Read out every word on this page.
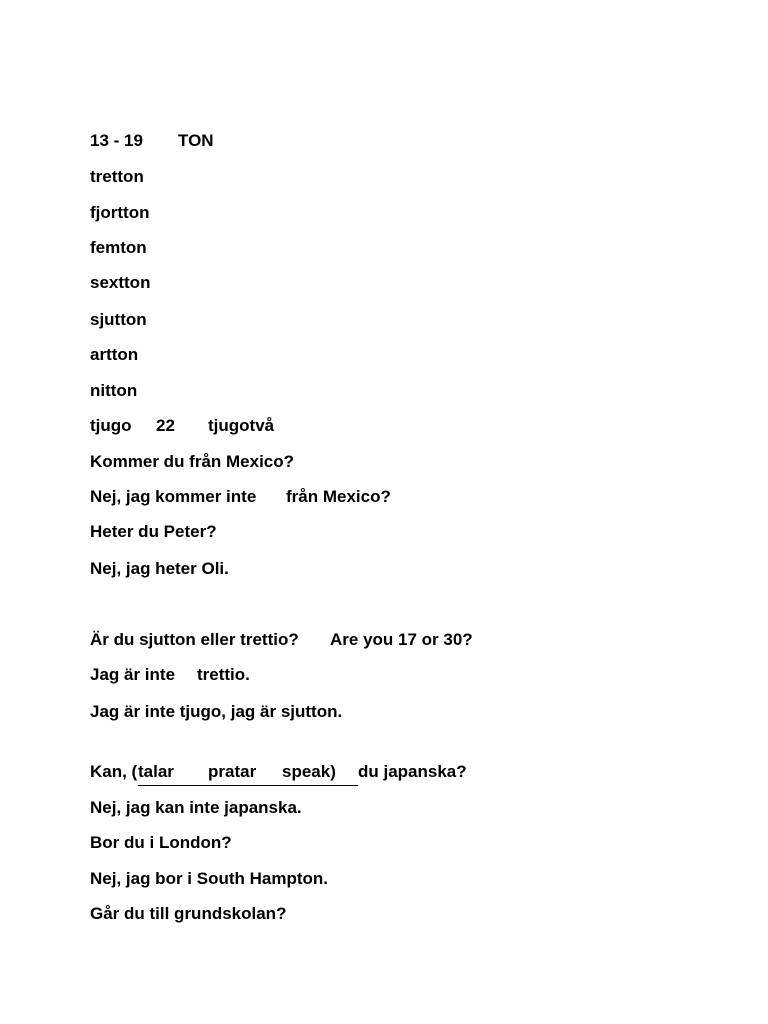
13 - 19

TON

tretton
fjortton
femton
sextton
sjutton
artton
nitton

tjugo

22

tjugotvå

Kommer du från Mexico?

Nej, jag kommer inte

från Mexico?

Heter du Peter?
Nej, jag heter Oli.

Är du sjutton eller trettio?

Are you 17 or 30?

Jag är inte

trettio.

Jag är inte tjugo, jag är sjutton.

Kan, (

talar

pratar

speak)

du japanska?

Nej, jag kan inte japanska.
Bor du i London?
Nej, jag bor i South Hampton.
Går du till grundskolan?
